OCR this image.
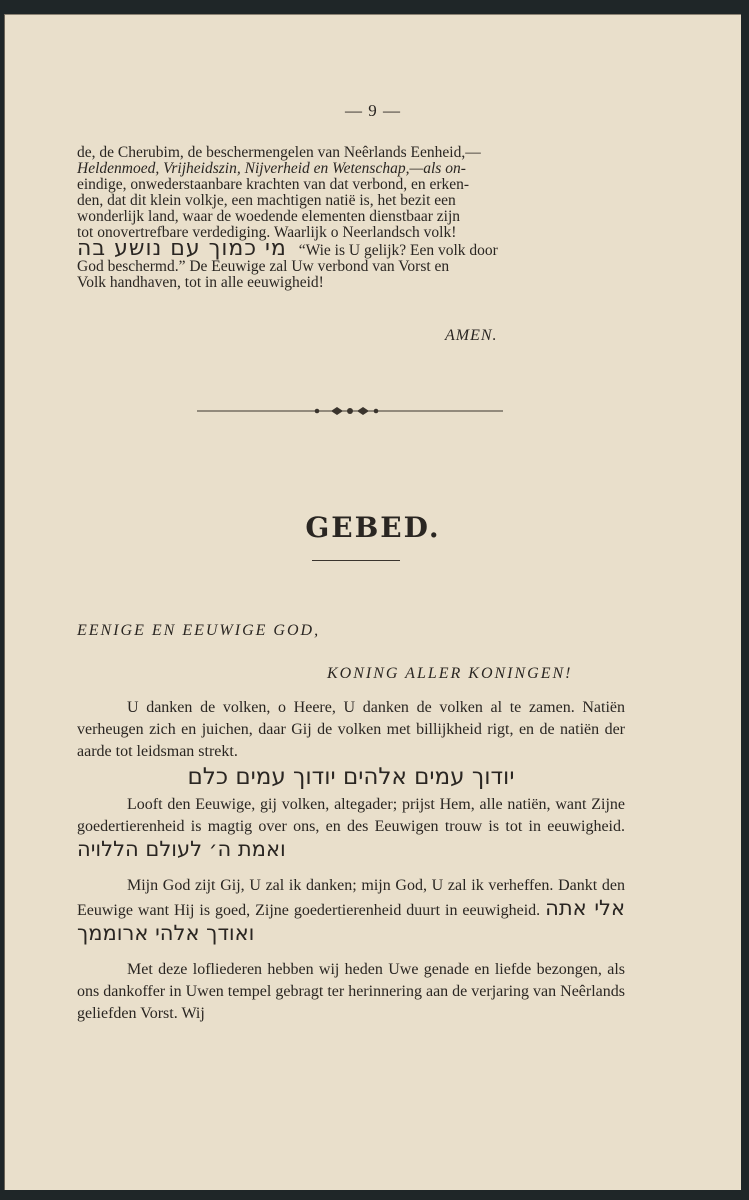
— 9 —

de, de Cherubim, de beschermengelen van Neêrlands Eenheid,—

Heldenmoed, Vrijheidszin, Nijverheid en Wetenschap,—als on-

eindige, onwederstaanbare krachten van dat verbond, en erken-

den, dat dit klein volkje, een machtigen natië is, het bezit een

wonderlijk land, waar de woedende elementen dienstbaar zijn

tot onovertrefbare verdediging. Waarlijk o Neerlandsch volk!

מי כמוך עם נושע בה “Wie is U gelijk? Een volk door

God beschermd.” De Eeuwige zal Uw verbond van Vorst en

Volk handhaven, tot in alle eeuwigheid!

AMEN.
GEBED.
EENIGE EN EEUWIGE GOD,
KONING ALLER KONINGEN!

U danken de volken, o Heere, U danken de volken al te zamen. Natiën verheugen zich en juichen, daar Gij de volken met billijkheid rigt, en de natiën der aarde tot leidsman strekt.

יודוך עמים אלהים יודוך עמים כלם

Looft den Eeuwige, gij volken, altegader; prijst Hem, alle natiën, want Zijne goedertierenheid is magtig over ons, en des Eeuwigen trouw is tot in eeuwigheid. ואמת ה׳ לעולם הללויה

Mijn God zijt Gij, U zal ik danken; mijn God, U zal ik verheffen. Dankt den Eeuwige want Hij is goed, Zijne goedertierenheid duurt in eeuwigheid. אלי אתה ואודך אלהי ארוממך

Met deze lofliederen hebben wij heden Uwe genade en liefde bezongen, als ons dankoffer in Uwen tempel gebragt ter herinnering aan de verjaring van Neêrlands geliefden Vorst. Wij
